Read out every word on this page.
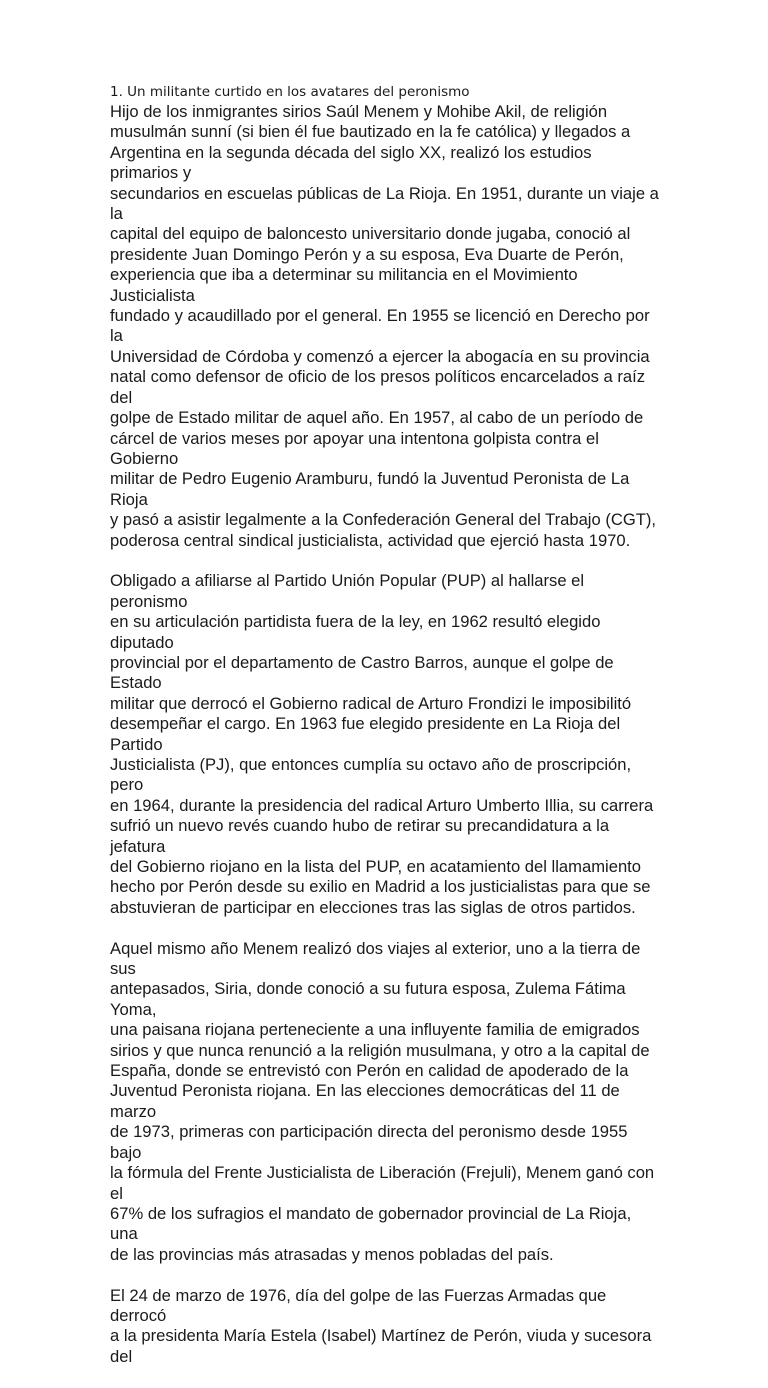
1. Un militante curtido en los avatares del peronismo

Hijo de los inmigrantes sirios Saúl Menem y Mohibe Akil, de religión
musulmán sunní (si bien él fue bautizado en la fe católica) y llegados a
Argentina en la segunda década del siglo XX, realizó los estudios primarios y
secundarios en escuelas públicas de La Rioja. En 1951, durante un viaje a la
capital del equipo de baloncesto universitario donde jugaba, conoció al
presidente Juan Domingo Perón y a su esposa, Eva Duarte de Perón,
experiencia que iba a determinar su militancia en el Movimiento Justicialista
fundado y acaudillado por el general. En 1955 se licenció en Derecho por la
Universidad de Córdoba y comenzó a ejercer la abogacía en su provincia
natal como defensor de oficio de los presos políticos encarcelados a raíz del
golpe de Estado militar de aquel año. En 1957, al cabo de un período de
cárcel de varios meses por apoyar una intentona golpista contra el Gobierno
militar de Pedro Eugenio Aramburu, fundó la Juventud Peronista de La Rioja
y pasó a asistir legalmente a la Confederación General del Trabajo (CGT),
poderosa central sindical justicialista, actividad que ejerció hasta 1970.

Obligado a afiliarse al Partido Unión Popular (PUP) al hallarse el peronismo
en su articulación partidista fuera de la ley, en 1962 resultó elegido diputado
provincial por el departamento de Castro Barros, aunque el golpe de Estado
militar que derrocó el Gobierno radical de Arturo Frondizi le imposibilitó
desempeñar el cargo. En 1963 fue elegido presidente en La Rioja del Partido
Justicialista (PJ), que entonces cumplía su octavo año de proscripción, pero
en 1964, durante la presidencia del radical Arturo Umberto Illia, su carrera
sufrió un nuevo revés cuando hubo de retirar su precandidatura a la jefatura
del Gobierno riojano en la lista del PUP, en acatamiento del llamamiento
hecho por Perón desde su exilio en Madrid a los justicialistas para que se
abstuvieran de participar en elecciones tras las siglas de otros partidos.

Aquel mismo año Menem realizó dos viajes al exterior, uno a la tierra de sus
antepasados, Siria, donde conoció a su futura esposa, Zulema Fátima Yoma,
una paisana riojana perteneciente a una influyente familia de emigrados
sirios y que nunca renunció a la religión musulmana, y otro a la capital de
España, donde se entrevistó con Perón en calidad de apoderado de la
Juventud Peronista riojana. En las elecciones democráticas del 11 de marzo
de 1973, primeras con participación directa del peronismo desde 1955 bajo
la fórmula del Frente Justicialista de Liberación (Frejuli), Menem ganó con el
67% de los sufragios el mandato de gobernador provincial de La Rioja, una
de las provincias más atrasadas y menos pobladas del país.

El 24 de marzo de 1976, día del golpe de las Fuerzas Armadas que derrocó
a la presidenta María Estela (Isabel) Martínez de Perón, viuda y sucesora del
